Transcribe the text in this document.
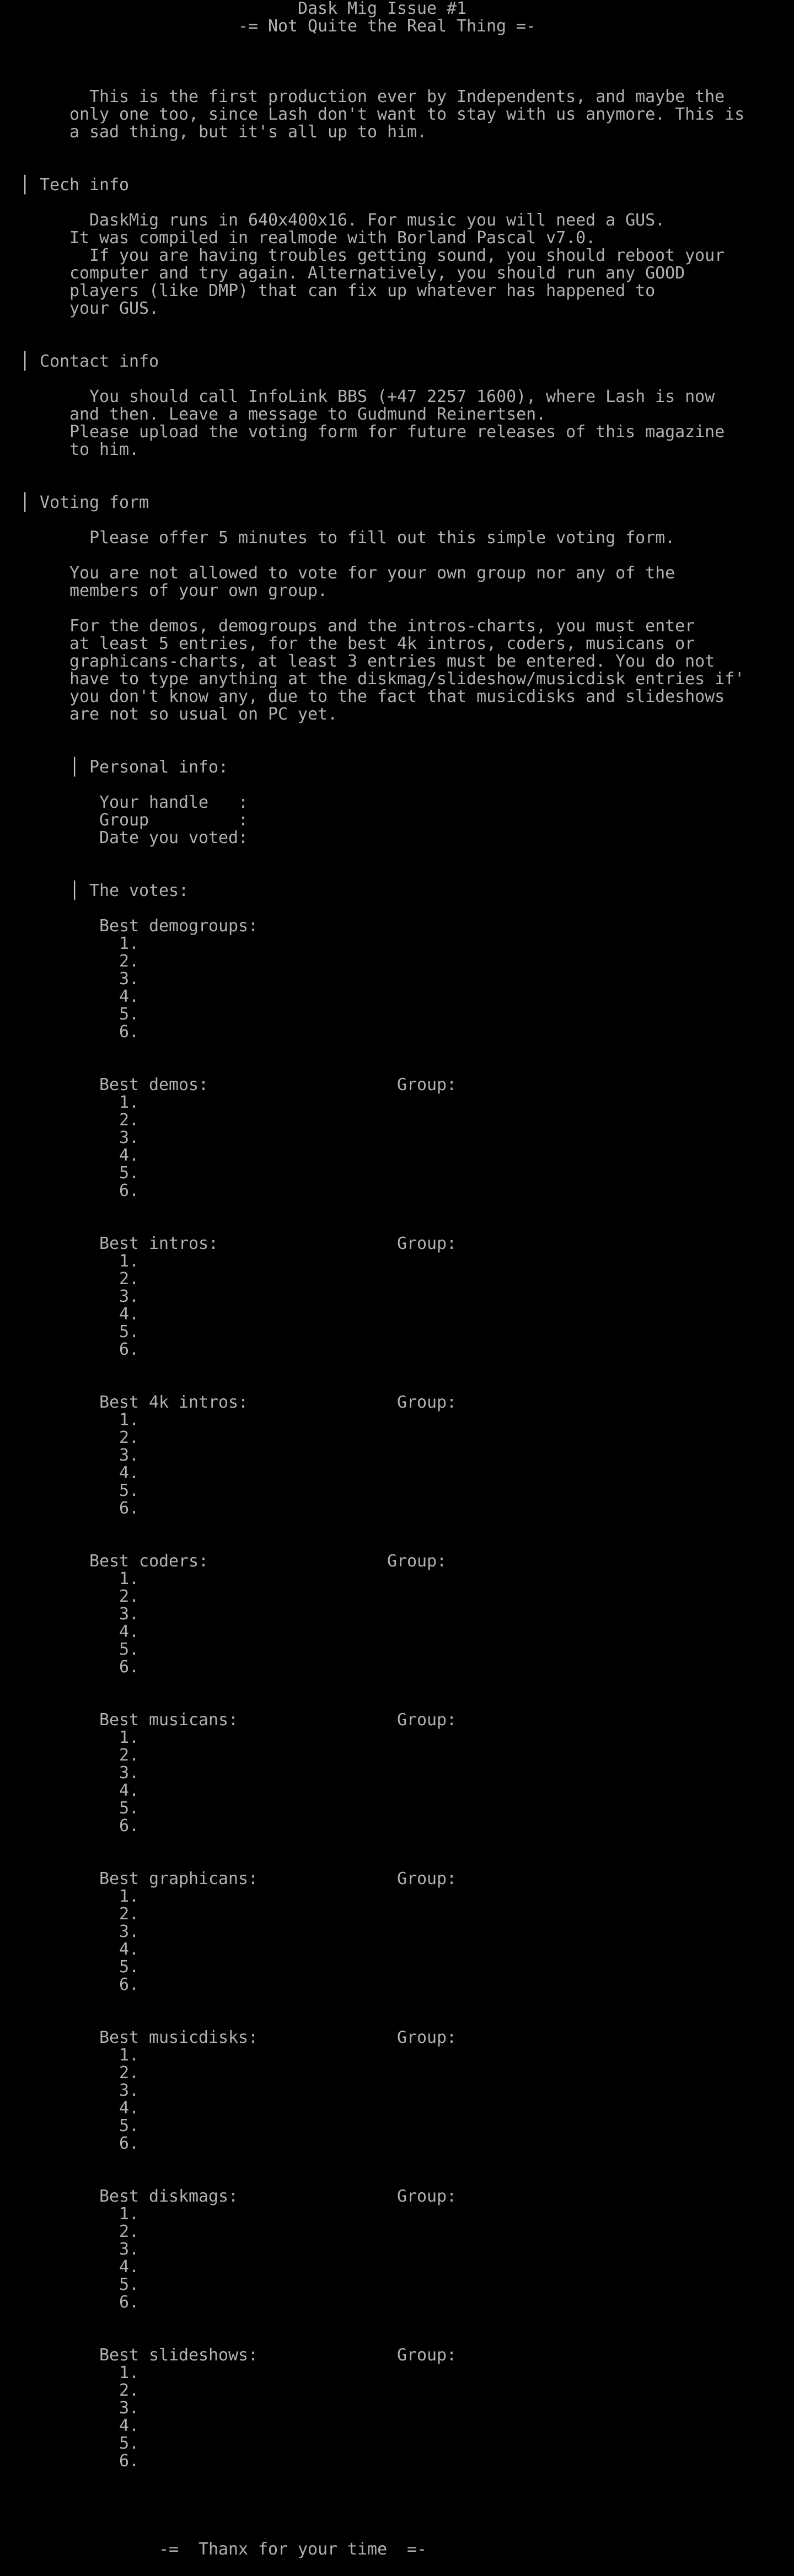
Dask Mig Issue #1
-= Not Quite the Real Thing =-
This is the first production ever by Independents, and maybe the
only one too, since Lash don't want to stay with us anymore. This is
a sad thing, but it's all up to him.
DaskMig runs in 640x400x16. For music you will need a GUS.
It was compiled in realmode with Borland Pascal v7.0.
If you are having troubles getting sound, you should reboot your
computer and try again. Alternatively, you should run any GOOD
players (like DMP) that can fix up whatever has happened to
your GUS.
You should call InfoLink BBS (+47 2257 1600), where Lash is now
and then. Leave a message to Gudmund Reinertsen.
Please upload the voting form for future releases of this magazine
to him.
Please offer 5 minutes to fill out this simple voting form.
You are not allowed to vote for your own group nor any of the
members of your own group.
For the demos, demogroups and the intros-charts, you must enter
at least 5 entries, for the best 4k intros, coders, musicans or
graphicans-charts, at least 3 entries must be entered. You do not
have to type anything at the diskmag/slideshow/musicdisk entries if'
you don't know any, due to the fact that musicdisks and slideshows
are not so usual on PC yet.
│ Tech info
│ Contact info
│ Voting form
│ Personal info:
│ The votes:
Your handle   :
Group         :
Date you voted:
Best demogroups:
1.
2.
3.
4.
5.
6.
Best demos:	Group:
1.
2.
3.
4.
5.
6.
Best intros:	Group:
1.
2.
3.
4.
5.
6.
Best 4k intros:	Group:
1.
2.
3.
4.
5.
6.
Best coders:	Group:
1.
2.
3.
4.
5.
6.
Best musicans:	Group:
1.
2.
3.
4.
5.
6.
Best graphicans:	Group:
1.
2.
3.
4.
5.
6.
Best musicdisks:	Group:
1.
2.
3.
4.
5.
6.
Best diskmags:	Group:
1.
2.
3.
4.
5.
6.
Best slideshows:	Group:
1.
2.
3.
4.
5.
6.
-=  Thanx for your time  =-
